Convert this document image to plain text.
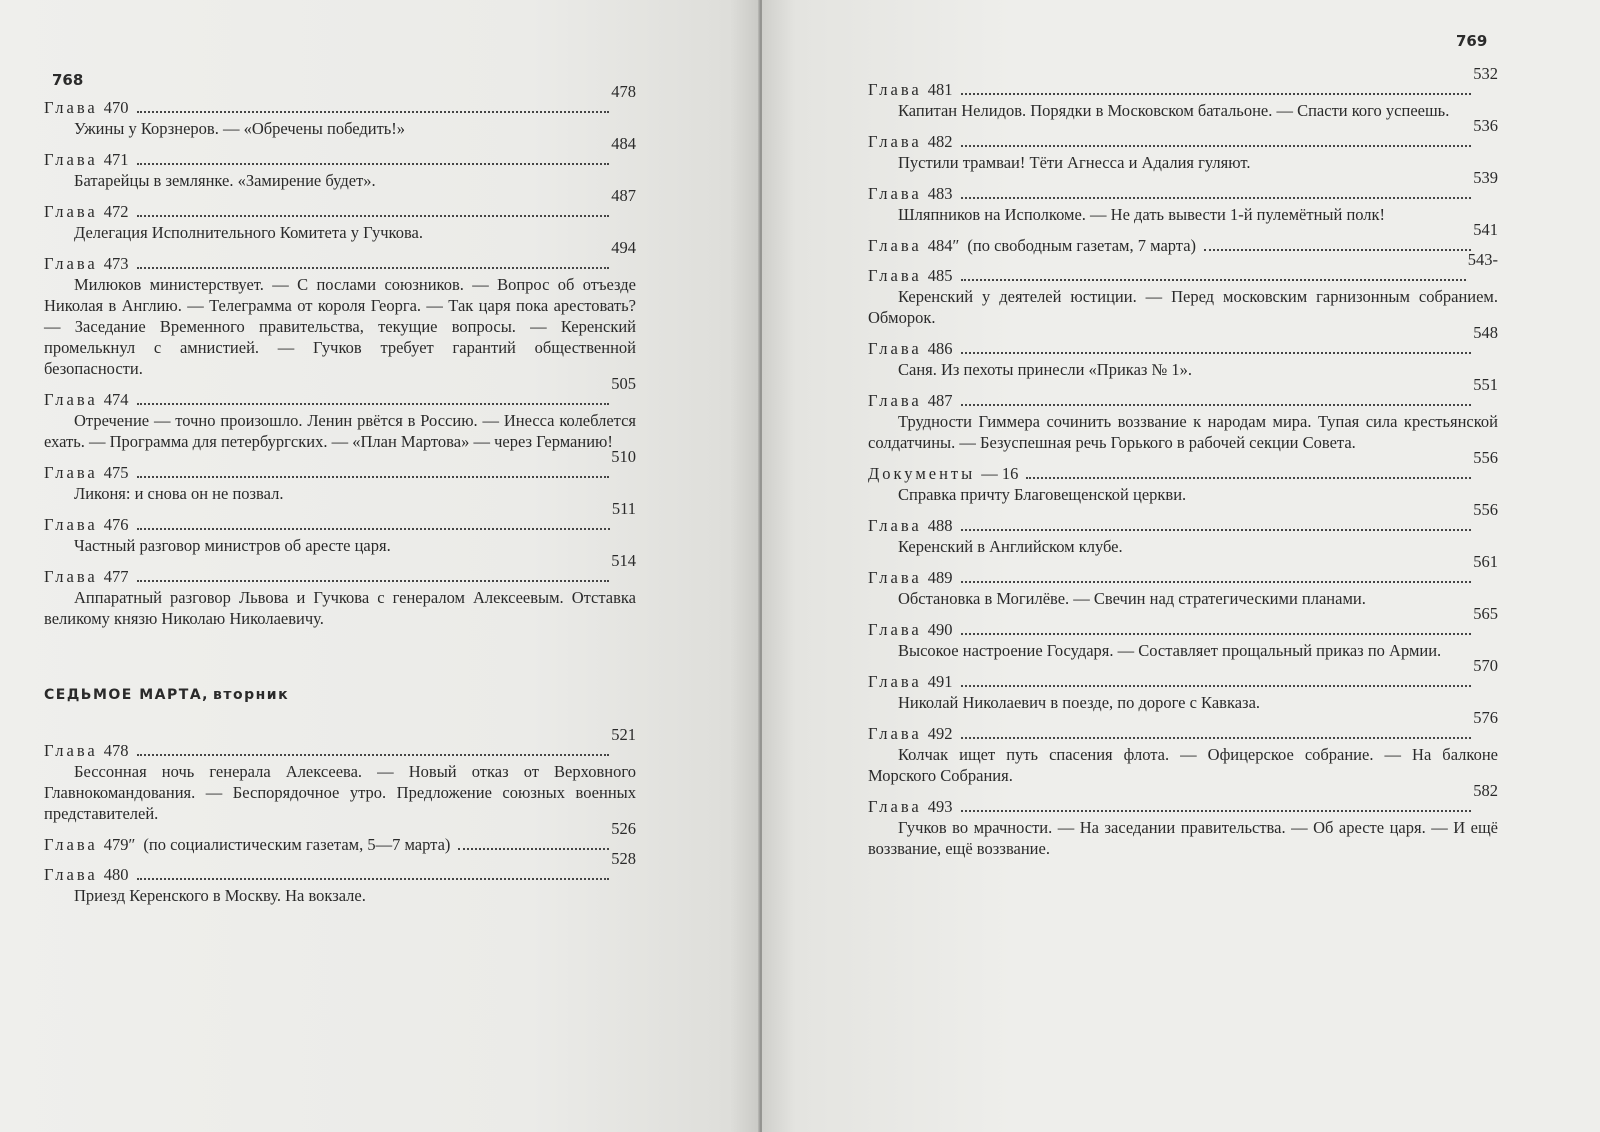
768
Глава 470
478
Ужины у Корзнеров. — «Обречены победить!»
Глава 471
484
Батарейцы в землянке. «Замирение будет».
Глава 472
487
Делегация Исполнительного Комитета у Гучкова.
Глава 473
494
Милюков министерствует. — С послами союзников. — Вопрос об отъезде Николая в Англию. — Телеграмма от короля Георга. — Так царя пока арестовать? — Заседание Временного правительства, текущие вопросы. — Керенский промелькнул с амнистией. — Гучков требует гарантий общественной безопасности.
Глава 474
505
Отречение — точно произошло. Ленин рвётся в Россию. — Инесса колеблется ехать. — Программа для петербургских. — «План Мартова» — через Германию!
Глава 475
510
Ликоня: и снова он не позвал.
Глава 476
511
Частный разговор министров об аресте царя.
Глава 477
514
Аппаратный разговор Львова и Гучкова с генералом Алексеевым. Отставка великому князю Николаю Николаевичу.
СЕДЬМОЕ МАРТА, вторник
Глава 478
521
Бессонная ночь генерала Алексеева. — Новый отказ от Верховного Главнокомандования. — Беспорядочное утро. Предложение союзных военных представителей.
Глава 479″ (по социалистическим газетам, 5—7 марта)
526
Глава 480
528
Приезд Керенского в Москву. На вокзале.
769
Глава 481
532
Капитан Нелидов. Порядки в Московском батальоне. — Спасти кого успеешь.
Глава 482
536
Пустили трамваи! Тёти Агнесса и Адалия гуляют.
Глава 483
539
Шляпников на Исполкоме. — Не дать вывести 1-й пулемётный полк!
Глава 484″ (по свободным газетам, 7 марта)
541
Глава 485
543-
Керенский у деятелей юстиции. — Перед московским гарнизонным собранием. Обморок.
Глава 486
548
Саня. Из пехоты принесли «Приказ № 1».
Глава 487
551
Трудности Гиммера сочинить воззвание к народам мира. Тупая сила крестьянской солдатчины. — Безуспешная речь Горького в рабочей секции Совета.
Документы — 16
556
Справка причту Благовещенской церкви.
Глава 488
556
Керенский в Английском клубе.
Глава 489
561
Обстановка в Могилёве. — Свечин над стратегическими планами.
Глава 490
565
Высокое настроение Государя. — Составляет прощальный приказ по Армии.
Глава 491
570
Николай Николаевич в поезде, по дороге с Кавказа.
Глава 492
576
Колчак ищет путь спасения флота. — Офицерское собрание. — На балконе Морского Собрания.
Глава 493
582
Гучков во мрачности. — На заседании правительства. — Об аресте царя. — И ещё воззвание, ещё воззвание.
